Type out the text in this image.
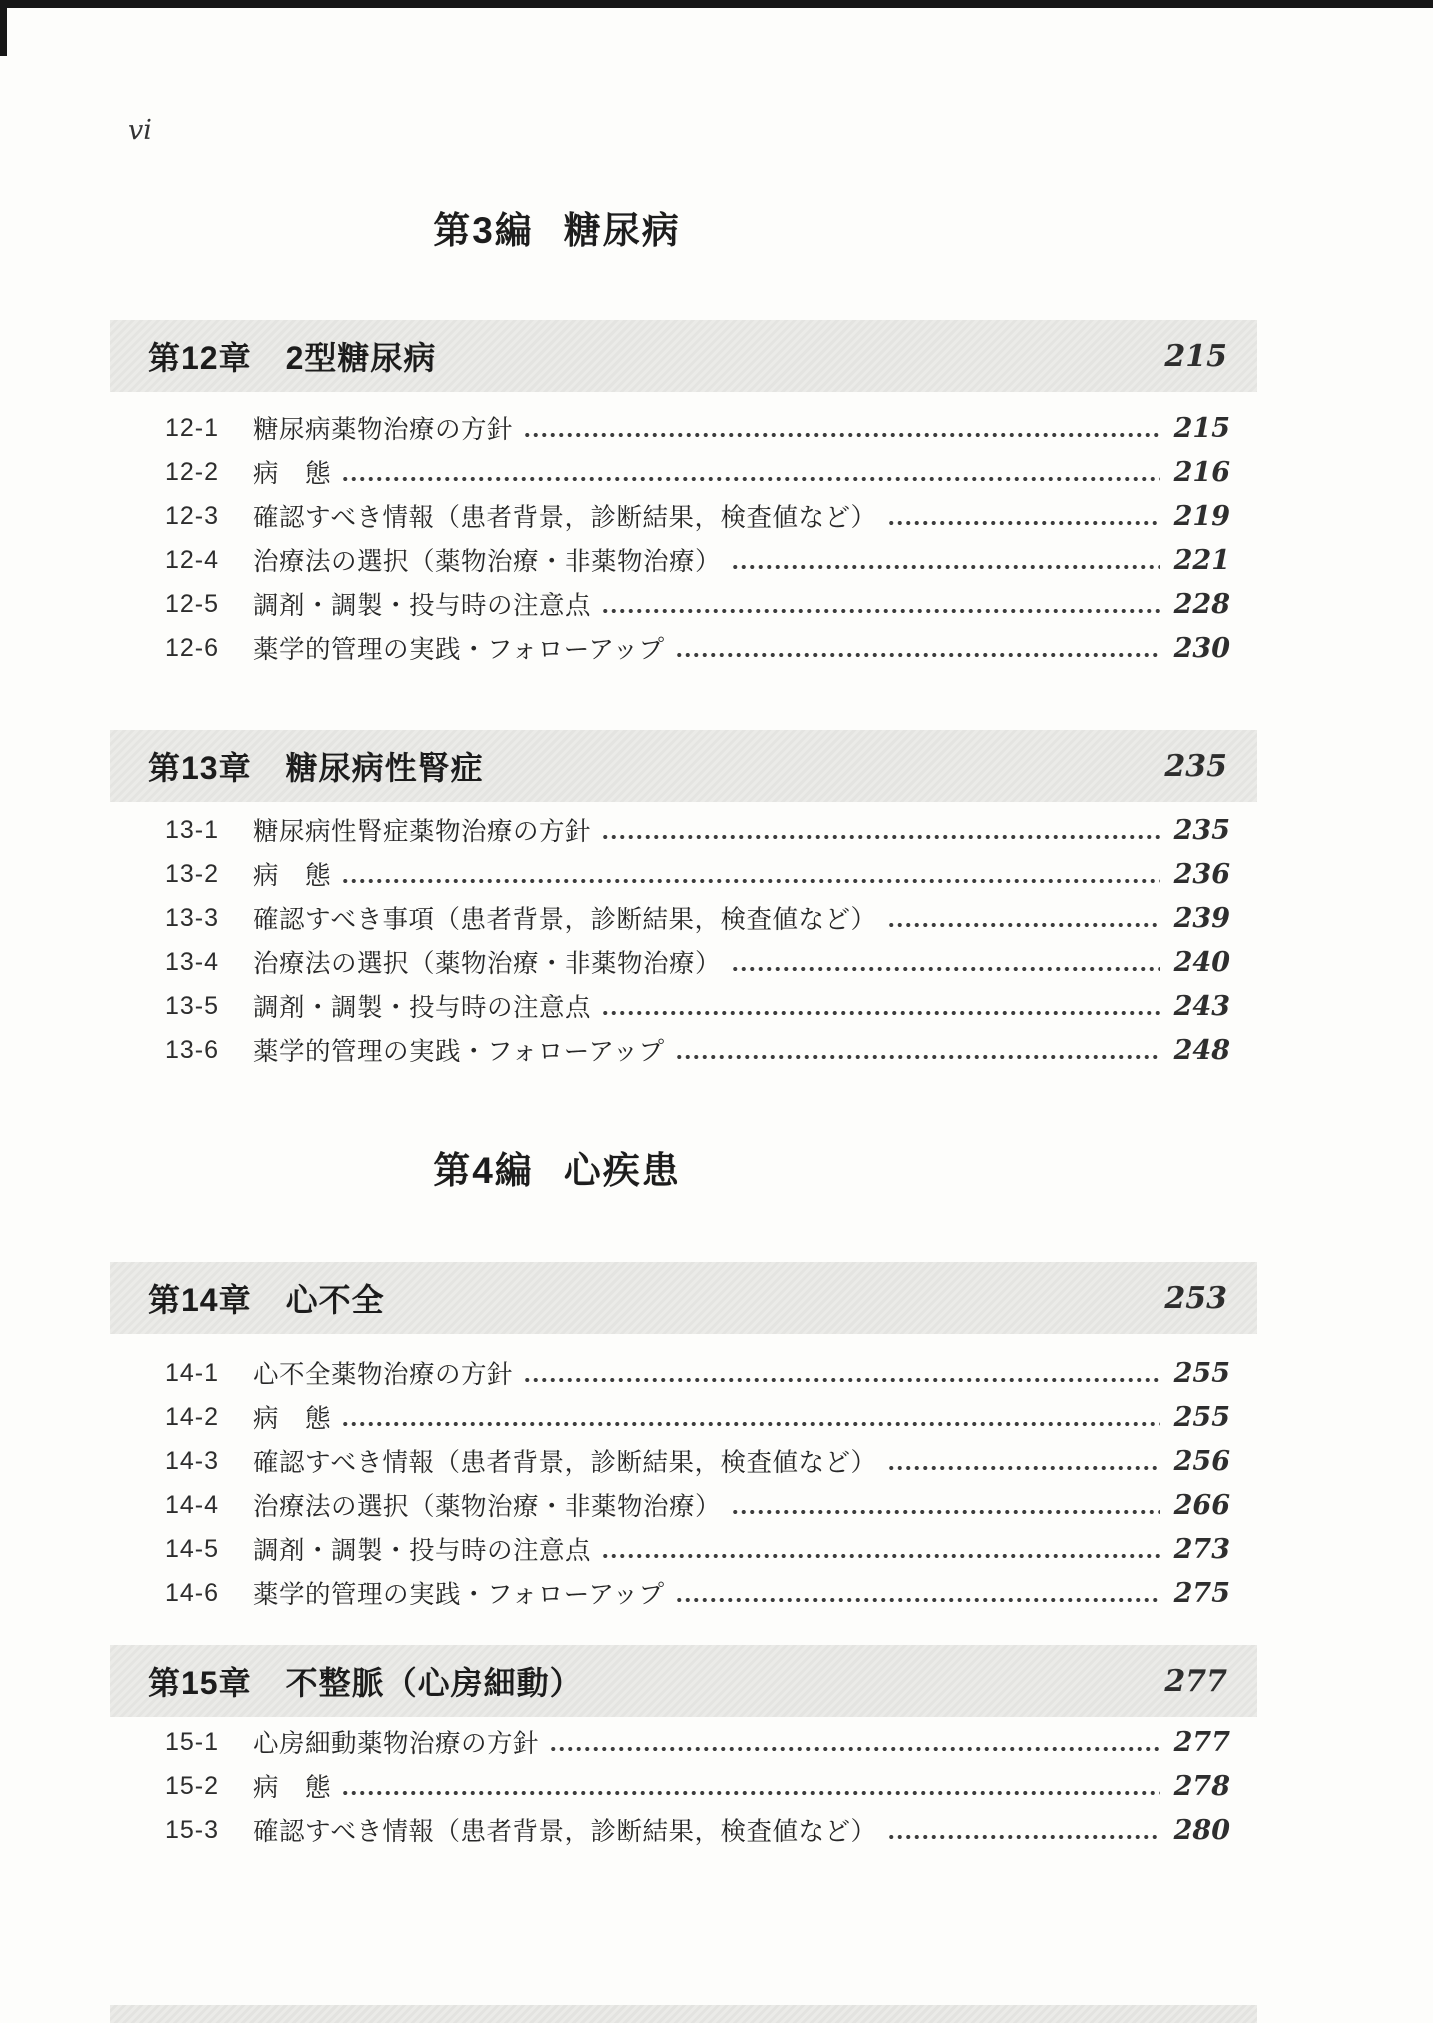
vi
第3編 糖尿病
第12章 2型糖尿病	215
12-1	糖尿病薬物治療の方針	215
12-2	病　態	216
12-3	確認すべき情報（患者背景，診断結果，検査値など）	219
12-4	治療法の選択（薬物治療・非薬物治療）	221
12-5	調剤・調製・投与時の注意点	228
12-6	薬学的管理の実践・フォローアップ	230
第13章 糖尿病性腎症	235
13-1	糖尿病性腎症薬物治療の方針	235
13-2	病　態	236
13-3	確認すべき事項（患者背景，診断結果，検査値など）	239
13-4	治療法の選択（薬物治療・非薬物治療）	240
13-5	調剤・調製・投与時の注意点	243
13-6	薬学的管理の実践・フォローアップ	248
第4編 心疾患
第14章 心不全	253
14-1	心不全薬物治療の方針	255
14-2	病　態	255
14-3	確認すべき情報（患者背景，診断結果，検査値など）	256
14-4	治療法の選択（薬物治療・非薬物治療）	266
14-5	調剤・調製・投与時の注意点	273
14-6	薬学的管理の実践・フォローアップ	275
第15章 不整脈（心房細動）	277
15-1	心房細動薬物治療の方針	277
15-2	病　態	278
15-3	確認すべき情報（患者背景，診断結果，検査値など）	280
